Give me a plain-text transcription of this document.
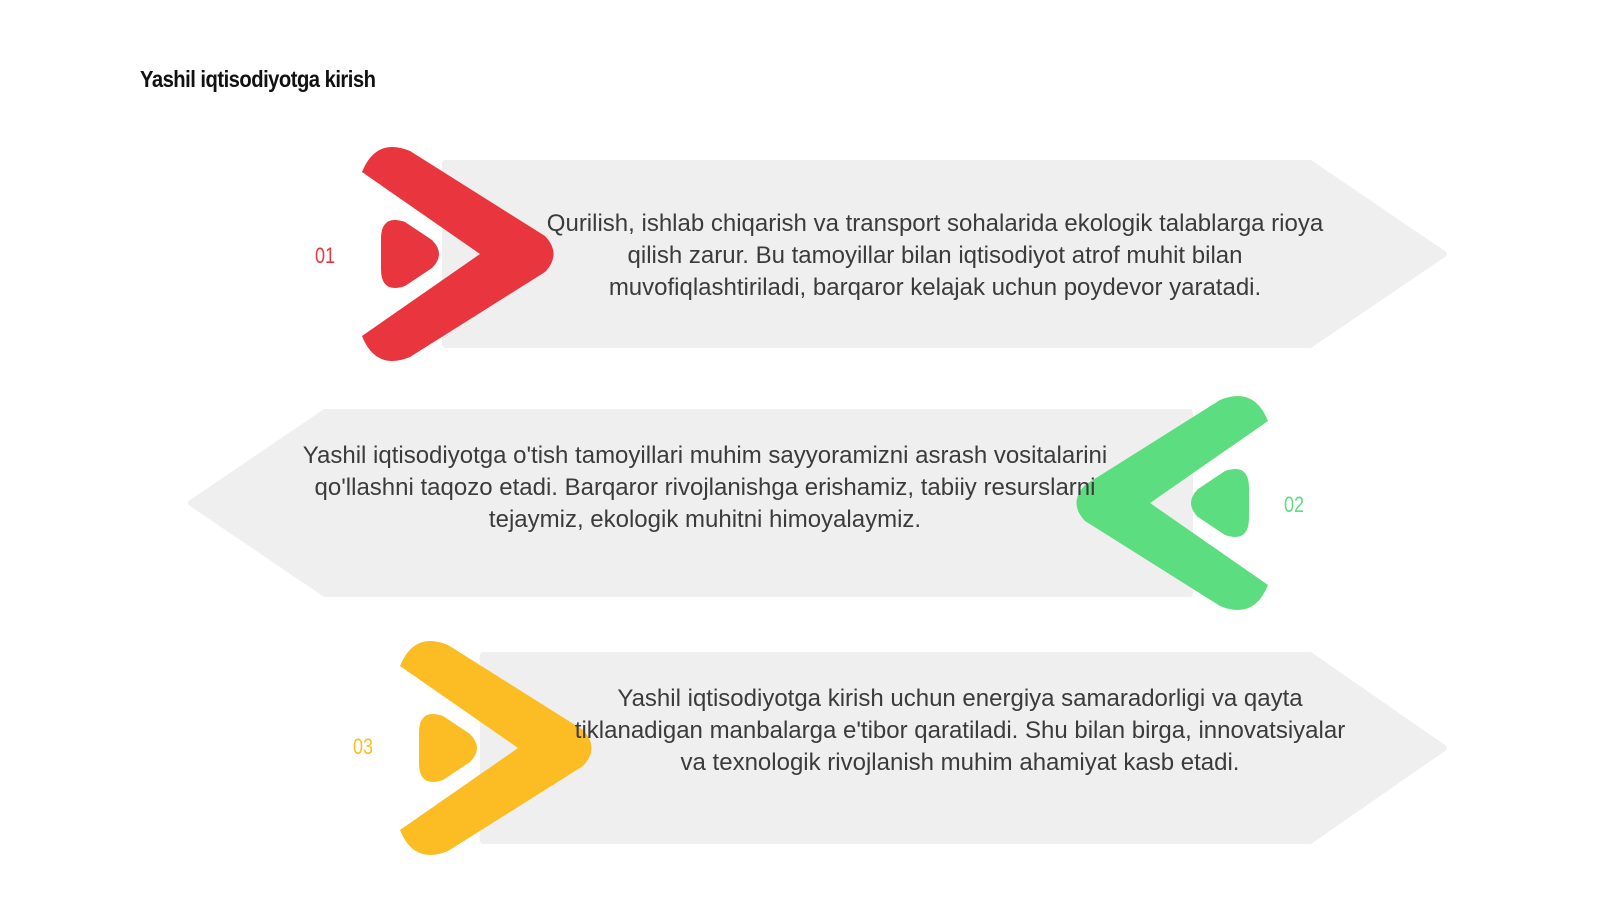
Yashil iqtisodiyotga kirish
01
02
03

Qurilish, ishlab chiqarish va transport sohalarida ekologik talablarga rioya qilish zarur. Bu tamoyillar bilan iqtisodiyot atrof muhit bilan muvofiqlashtiriladi, barqaror kelajak uchun poydevor yaratadi.

Yashil iqtisodiyotga o'tish tamoyillari muhim sayyoramizni asrash vositalarini qo'llashni taqozo etadi. Barqaror rivojlanishga erishamiz, tabiiy resurslarni tejaymiz, ekologik muhitni himoyalaymiz.

Yashil iqtisodiyotga kirish uchun energiya samaradorligi va qayta tiklanadigan manbalarga e'tibor qaratiladi. Shu bilan birga, innovatsiyalar va texnologik rivojlanish muhim ahamiyat kasb etadi.
